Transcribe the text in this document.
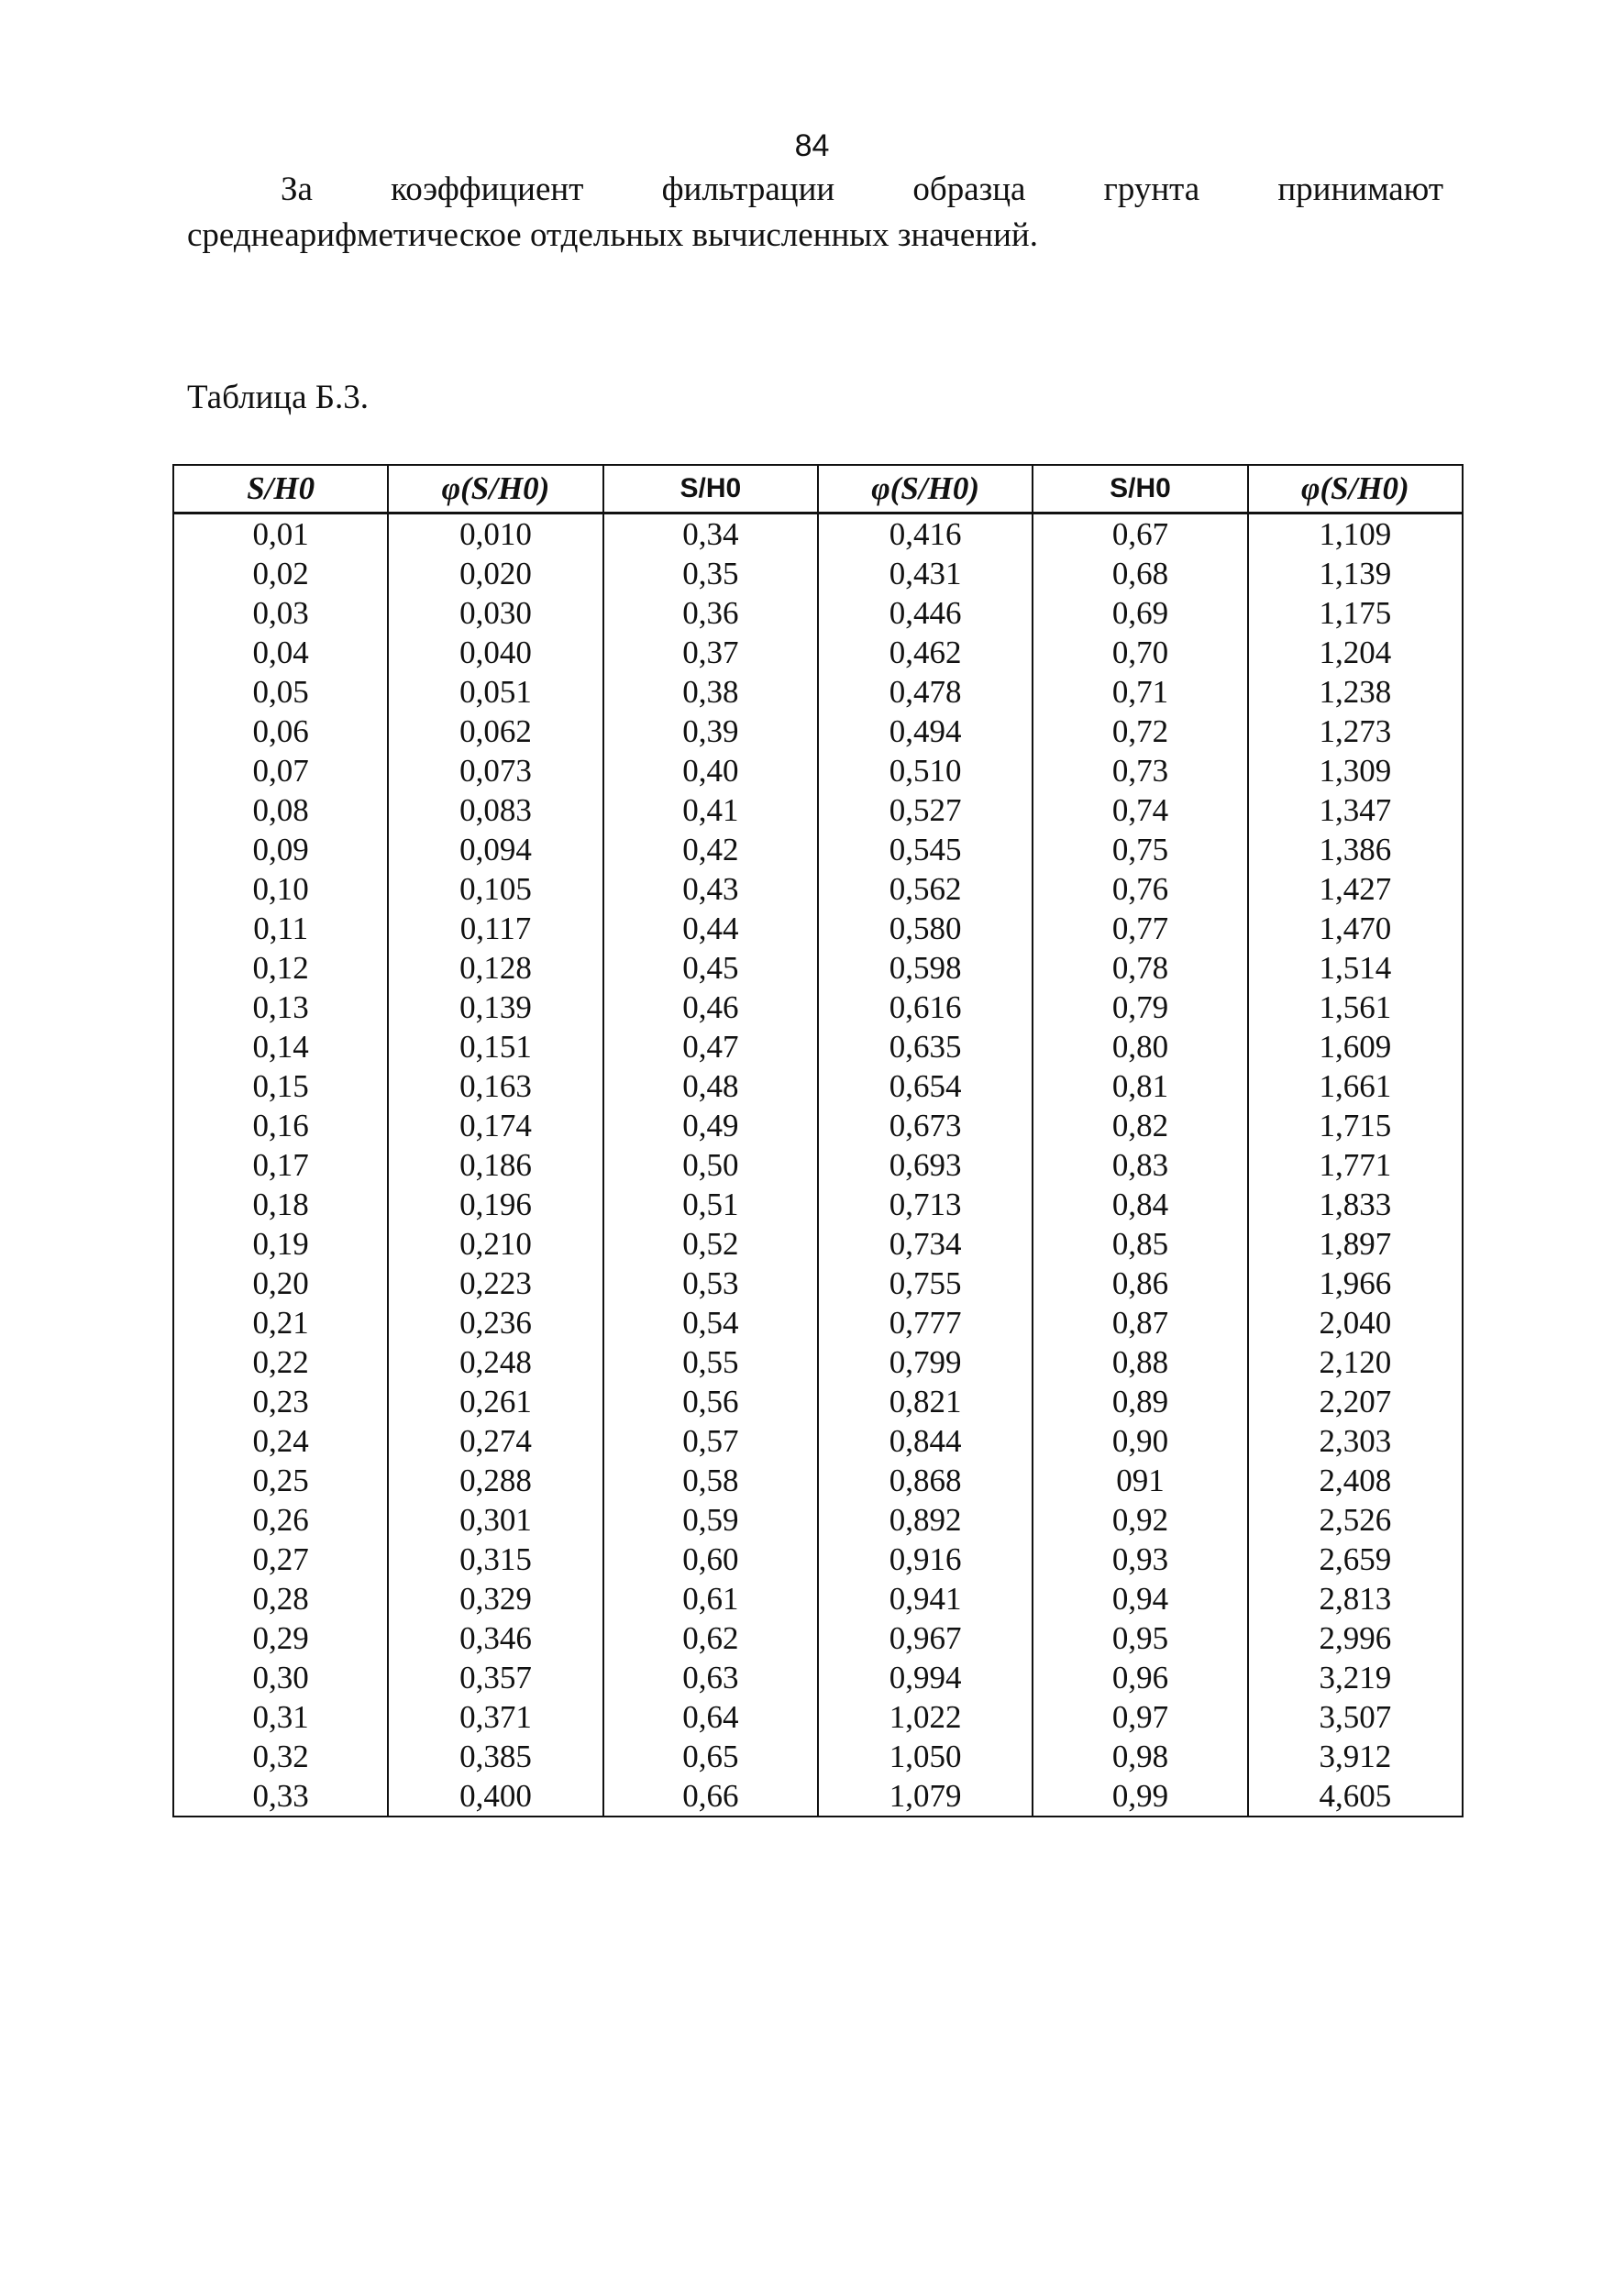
84
За коэффициент фильтрации образца грунта принимают
среднеарифметическое отдельных вычисленных значений.
Таблица Б.3.
S/H0	φ(S/H0)	S/H0	φ(S/H0)	S/H0	φ(S/H0)
0,01	0,010	0,34	0,416	0,67	1,109
0,02	0,020	0,35	0,431	0,68	1,139
0,03	0,030	0,36	0,446	0,69	1,175
0,04	0,040	0,37	0,462	0,70	1,204
0,05	0,051	0,38	0,478	0,71	1,238
0,06	0,062	0,39	0,494	0,72	1,273
0,07	0,073	0,40	0,510	0,73	1,309
0,08	0,083	0,41	0,527	0,74	1,347
0,09	0,094	0,42	0,545	0,75	1,386
0,10	0,105	0,43	0,562	0,76	1,427
0,11	0,117	0,44	0,580	0,77	1,470
0,12	0,128	0,45	0,598	0,78	1,514
0,13	0,139	0,46	0,616	0,79	1,561
0,14	0,151	0,47	0,635	0,80	1,609
0,15	0,163	0,48	0,654	0,81	1,661
0,16	0,174	0,49	0,673	0,82	1,715
0,17	0,186	0,50	0,693	0,83	1,771
0,18	0,196	0,51	0,713	0,84	1,833
0,19	0,210	0,52	0,734	0,85	1,897
0,20	0,223	0,53	0,755	0,86	1,966
0,21	0,236	0,54	0,777	0,87	2,040
0,22	0,248	0,55	0,799	0,88	2,120
0,23	0,261	0,56	0,821	0,89	2,207
0,24	0,274	0,57	0,844	0,90	2,303
0,25	0,288	0,58	0,868	091	2,408
0,26	0,301	0,59	0,892	0,92	2,526
0,27	0,315	0,60	0,916	0,93	2,659
0,28	0,329	0,61	0,941	0,94	2,813
0,29	0,346	0,62	0,967	0,95	2,996
0,30	0,357	0,63	0,994	0,96	3,219
0,31	0,371	0,64	1,022	0,97	3,507
0,32	0,385	0,65	1,050	0,98	3,912
0,33	0,400	0,66	1,079	0,99	4,605
